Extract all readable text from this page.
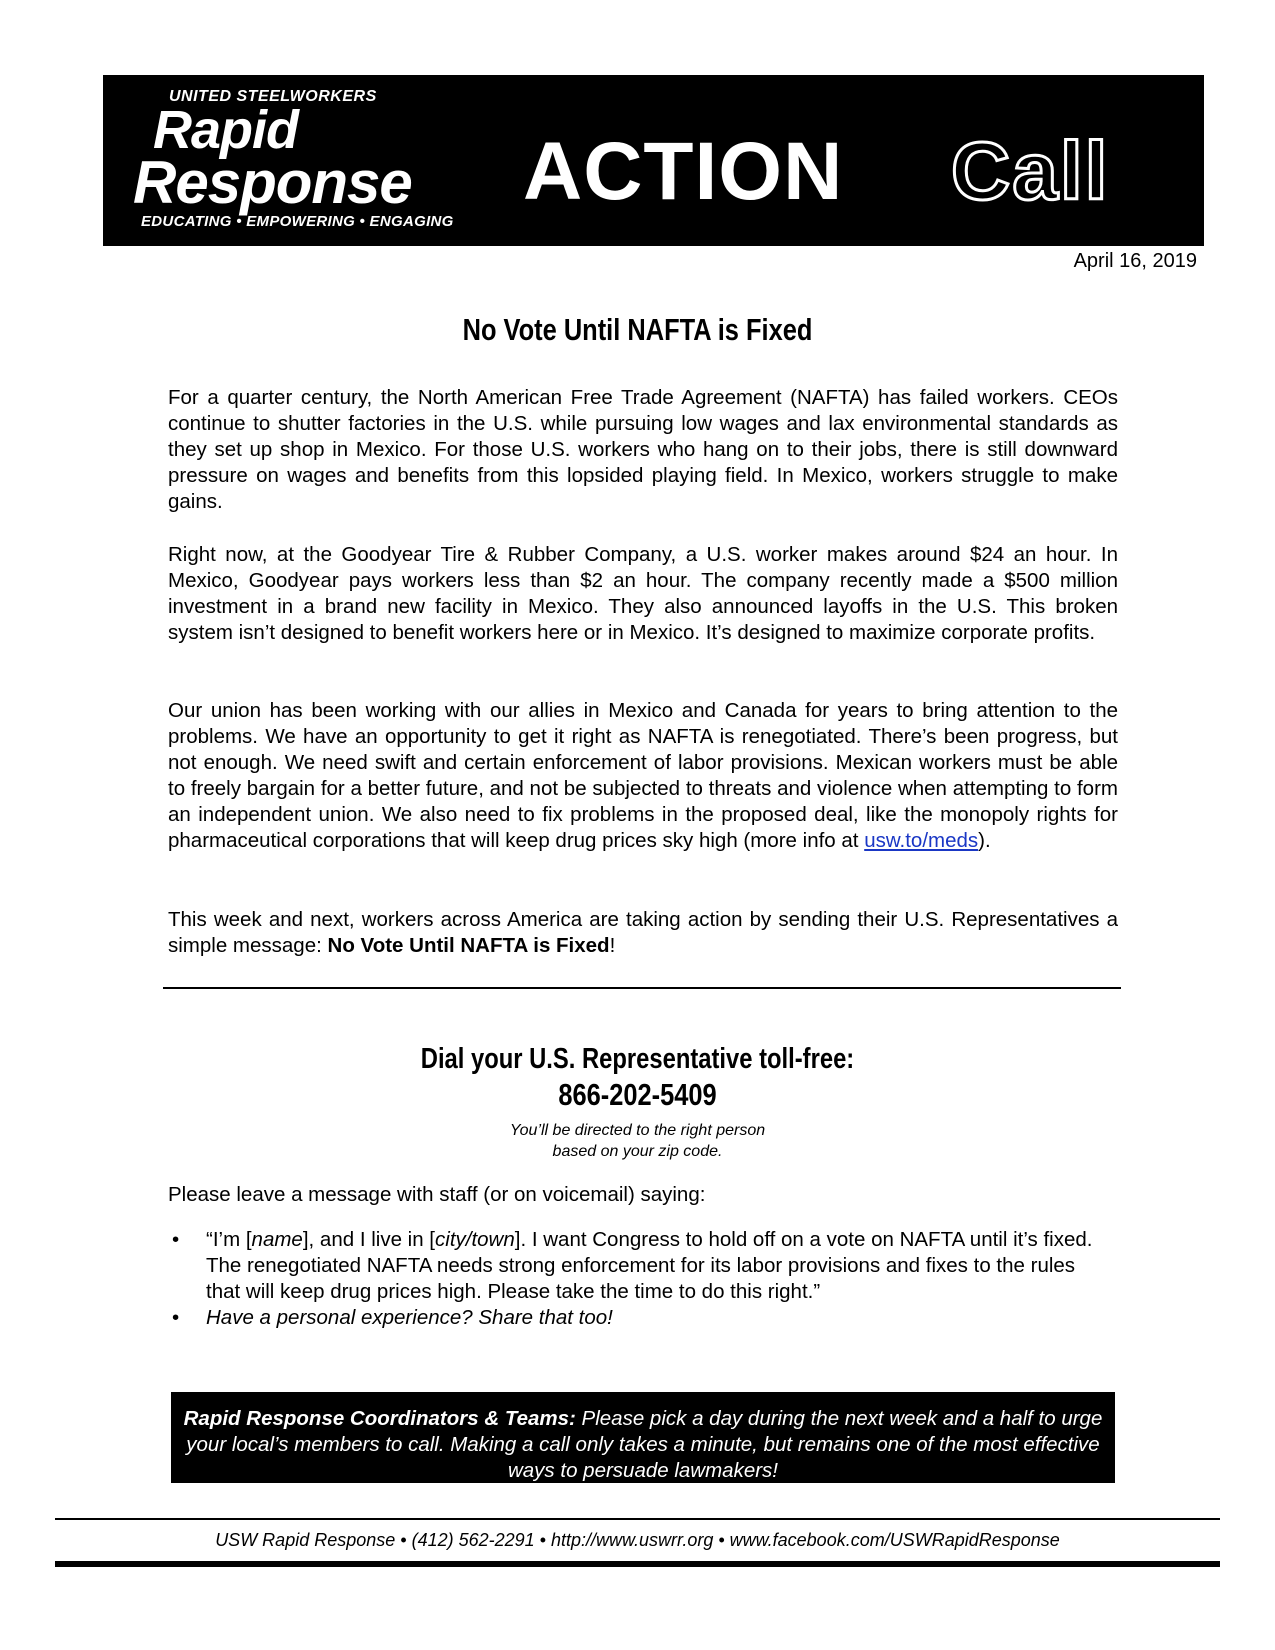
UNITED STEELWORKERS
Rapid
Response
EDUCATING • EMPOWERING • ENGAGING
ACTION Call
April 16, 2019
No Vote Until NAFTA is Fixed

For a quarter century, the North American Free Trade Agreement (NAFTA) has failed workers. CEOs continue to shutter factories in the U.S. while pursuing low wages and lax environmental standards as they set up shop in Mexico. For those U.S. workers who hang on to their jobs, there is still downward pressure on wages and benefits from this lopsided playing field. In Mexico, workers struggle to make gains.

Right now, at the Goodyear Tire & Rubber Company, a U.S. worker makes around $24 an hour. In Mexico, Goodyear pays workers less than $2 an hour. The company recently made a $500 million investment in a brand new facility in Mexico. They also announced layoffs in the U.S. This broken system isn’t designed to benefit workers here or in Mexico. It’s designed to maximize corporate profits.

Our union has been working with our allies in Mexico and Canada for years to bring attention to the problems. We have an opportunity to get it right as NAFTA is renegotiated. There’s been progress, but not enough. We need swift and certain enforcement of labor provisions. Mexican workers must be able to freely bargain for a better future, and not be subjected to threats and violence when attempting to form an independent union. We also need to fix problems in the proposed deal, like the monopoly rights for pharmaceutical corporations that will keep drug prices sky high (more info at usw.to/meds).

This week and next, workers across America are taking action by sending their U.S. Representatives a simple message: No Vote Until NAFTA is Fixed!

Dial your U.S. Representative toll-free:
866-202-5409
You’ll be directed to the right person
based on your zip code.
Please leave a message with staff (or on voicemail) saying:
• “I’m [name], and I live in [city/town]. I want Congress to hold off on a vote on NAFTA until it’s fixed. The renegotiated NAFTA needs strong enforcement for its labor provisions and fixes to the rules that will keep drug prices high. Please take the time to do this right.”
• Have a personal experience? Share that too!
Rapid Response Coordinators & Teams: Please pick a day during the next week and a half to urge your local’s members to call. Making a call only takes a minute, but remains one of the most effective ways to persuade lawmakers!
USW Rapid Response • (412) 562-2291 • http://www.uswrr.org • www.facebook.com/USWRapidResponse
